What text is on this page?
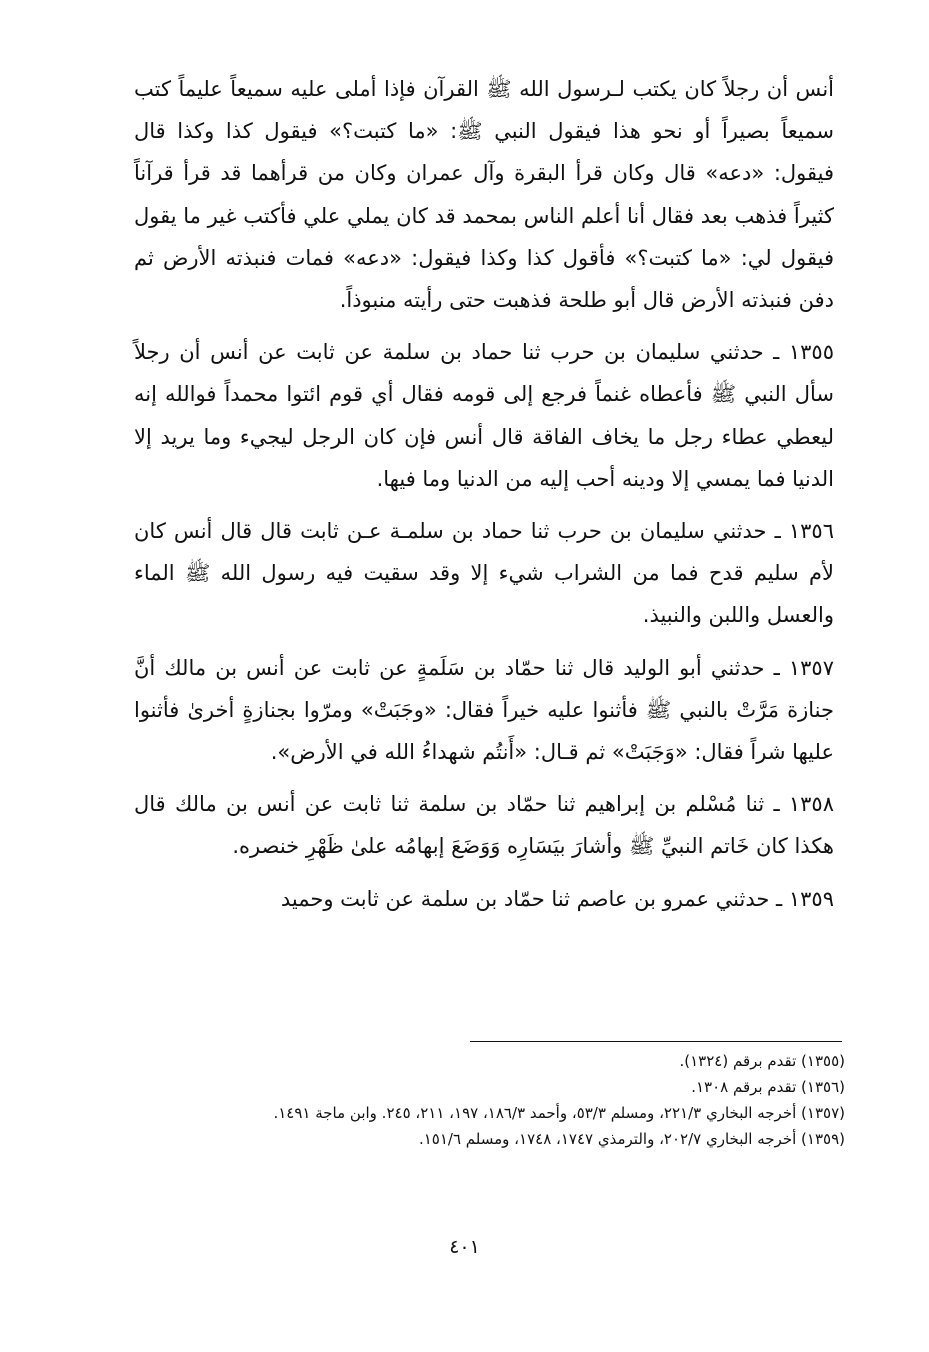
أنس أن رجلاً كان يكتب لـرسول الله ﷺ القرآن فإذا أملى عليه سميعاً عليماً كتب سميعاً بصيراً أو نحو هذا فيقول النبي ﷺ: «ما كتبت؟» فيقول كذا وكذا قال فيقول: «دعه» قال وكان قرأ البقرة وآل عمران وكان من قرأهما قد قرأ قرآناً كثيراً فذهب بعد فقال أنا أعلم الناس بمحمد قد كان يملي علي فأكتب غير ما يقول فيقول لي: «ما كتبت؟» فأقول كذا وكذا فيقول: «دعه» فمات فنبذته الأرض ثم دفن فنبذته الأرض قال أبو طلحة فذهبت حتى رأيته منبوذاً.

١٣٥٥ ـ حدثني سليمان بن حرب ثنا حماد بن سلمة عن ثابت عن أنس أن رجلاً سأل النبي ﷺ فأعطاه غنماً فرجع إلى قومه فقال أي قوم ائتوا محمداً فوالله إنه ليعطي عطاء رجل ما يخاف الفاقة قال أنس فإن كان الرجل ليجيء وما يريد إلا الدنيا فما يمسي إلا ودينه أحب إليه من الدنيا وما فيها.

١٣٥٦ ـ حدثني سليمان بن حرب ثنا حماد بن سلمـة عـن ثابت قال قال أنس كان لأم سليم قدح فما من الشراب شيء إلا وقد سقيت فيه رسول الله ﷺ الماء والعسل واللبن والنبيذ.

١٣٥٧ ـ حدثني أبو الوليد قال ثنا حمّاد بن سَلَمةٍ عن ثابت عن أنس بن مالك أنَّ جنازة مَرَّتْ بالنبي ﷺ فأثنوا عليه خيراً فقال: «وجَبَتْ» ومرّوا بجنازةٍ أخرىٰ فأثنوا عليها شراً فقال: «وَجَبَتْ» ثم قـال: «أَنتُم شهداءُ الله في الأرض».

١٣٥٨ ـ ثنا مُسْلم بن إبراهيم ثنا حمّاد بن سلمة ثنا ثابت عن أنس بن مالك قال هكذا كان خَاتم النبيِّ ﷺ وأشارَ بيَسَارِه وَوَضَعَ إبهامُه علىٰ ظَهْرِ خنصره.

١٣٥٩ ـ حدثني عمرو بن عاصم ثنا حمّاد بن سلمة عن ثابت وحميد

(١٣٥٥) تقدم برقم (١٣٢٤).
(١٣٥٦) تقدم برقم ١٣٠٨.
(١٣٥٧) أخرجه البخاري ٢٢١/٣، ومسلم ٥٣/٣، وأحمد ١٨٦/٣، ١٩٧، ٢١١، ٢٤٥. وابن ماجة ١٤٩١.
(١٣٥٩) أخرجه البخاري ٢٠٢/٧، والترمذي ١٧٤٧، ١٧٤٨، ومسلم ١٥١/٦.
٤٠١
